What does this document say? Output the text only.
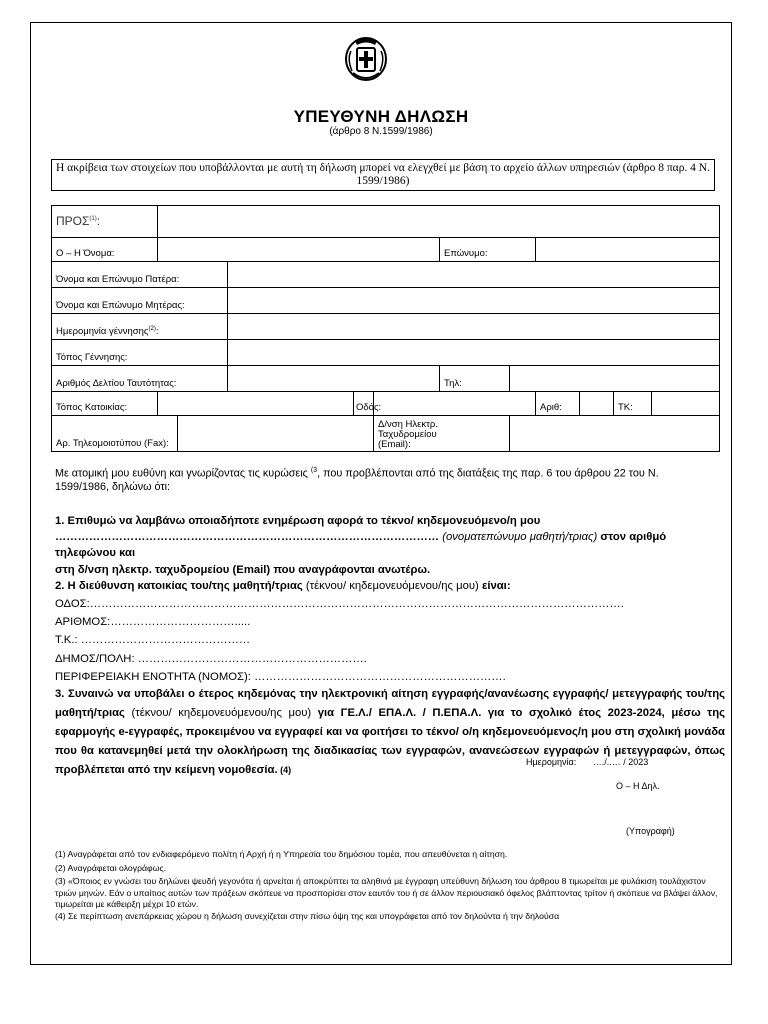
ΥΠΕΥΘΥΝΗ ΔΗΛΩΣΗ
(άρθρο 8 Ν.1599/1986)
Η ακρίβεια των στοιχείων που υποβάλλονται με αυτή τη δήλωση μπορεί να ελεγχθεί με βάση το αρχείο άλλων υπηρεσιών (άρθρο 8 παρ. 4 Ν. 1599/1986)
ΠΡΟΣ$^{(1)}$:											
Ο – Η Όνομα:						Επώνυμο:					
Όνομα και Επώνυμο Πατέρα:											
Όνομα και Επώνυμο Μητέρας:											
Ημερομηνία γέννησης$^{(2)}$:											
Τόπος Γέννησης:											
Αριθμός Δελτίου Ταυτότητας:						Τηλ:					
Τόπος Κατοικίας:				Οδός:				Αριθ:		ΤΚ:	
Αρ. Τηλεομοιοτύπου (Fax):					Δ/νση Ηλεκτρ.
Ταχυδρομείου
(Email):						

Με ατομική μου ευθύνη και γνωρίζοντας τις κυρώσεις $^{(3}$, που προβλέπονται από της διατάξεις της παρ. 6 του άρθρου 22 του Ν. 1599/1986, δηλώνω ότι:

1. Επιθυμώ να λαμβάνω οποιαδήποτε ενημέρωση αφορά το τέκνο/ κηδεμονευόμενο/η μου

………………………………………………………………………………………… (ονοματεπώνυμο μαθητή/τριας) στον αριθμό τηλεφώνου και

στη δ/νση ηλεκτρ. ταχυδρομείου (Email) που αναγράφονται ανωτέρω.

2. Η διεύθυνση κατοικίας του/της μαθητή/τριας (τέκνου/ κηδεμονευόμενου/ης μου) είναι:

ΟΔΟΣ:…………………………………………………………………………………………………………………………….

ΑΡΙΘΜΟΣ:…………………………….....

Τ.Κ.: ………………………………………

ΔΗΜΟΣ/ΠΟΛΗ: …………………………………………………….

ΠΕΡΙΦΕΡΕΙΑΚΗ ΕΝΟΤΗΤΑ (ΝΟΜΟΣ): ………………………………………………………….

3. Συναινώ να υποβάλει ο έτερος κηδεμόνας την ηλεκτρονική αίτηση εγγραφής/ανανέωσης εγγραφής/ μετεγγραφής του/της μαθητή/τριας (τέκνου/ κηδεμονευόμενου/ης μου) για ΓΕ.Λ./ ΕΠΑ.Λ. / Π.ΕΠΑ.Λ. για το σχολικό έτος 2023-2024, μέσω της εφαρμογής e-εγγραφές, προκειμένου να εγγραφεί και να φοιτήσει το τέκνο/ ο/η κηδεμονευόμενος/η μου στη σχολική μονάδα που θα κατανεμηθεί μετά την ολοκλήρωση της διαδικασίας των εγγραφών, ανανεώσεων εγγραφών ή μετεγγραφών, όπως προβλέπεται από την κείμενη νομοθεσία. (4)

Ημερομηνία: …./..… / 2023
Ο – Η Δηλ.
(Υπογραφή)

(1) Αναγράφεται από τον ενδιαφερόμενο πολίτη ή Αρχή ή η Υπηρεσία του δημόσιου τομέα, που απευθύνεται η αίτηση.

(2) Αναγράφεται ολογράφως.

(3) «Όποιος εν γνώσει του δηλώνει ψευδή γεγονότα ή αρνείται ή αποκρύπτει τα αληθινά με έγγραφη υπεύθυνη δήλωση του άρθρου 8 τιμωρείται με φυλάκιση τουλάχιστον τριών μηνών. Εάν ο υπαίτιος αυτών των πράξεων σκόπευε να προσπορίσει στον εαυτόν του ή σε άλλον περιουσιακό όφελος βλάπτοντας τρίτον ή σκόπευε να βλάψει άλλον, τιμωρείται με κάθειρξη μέχρι 10 ετών.

(4) Σε περίπτωση ανεπάρκειας χώρου η δήλωση συνεχίζεται στην πίσω όψη της και υπογράφεται από τον δηλούντα ή την δηλούσα
